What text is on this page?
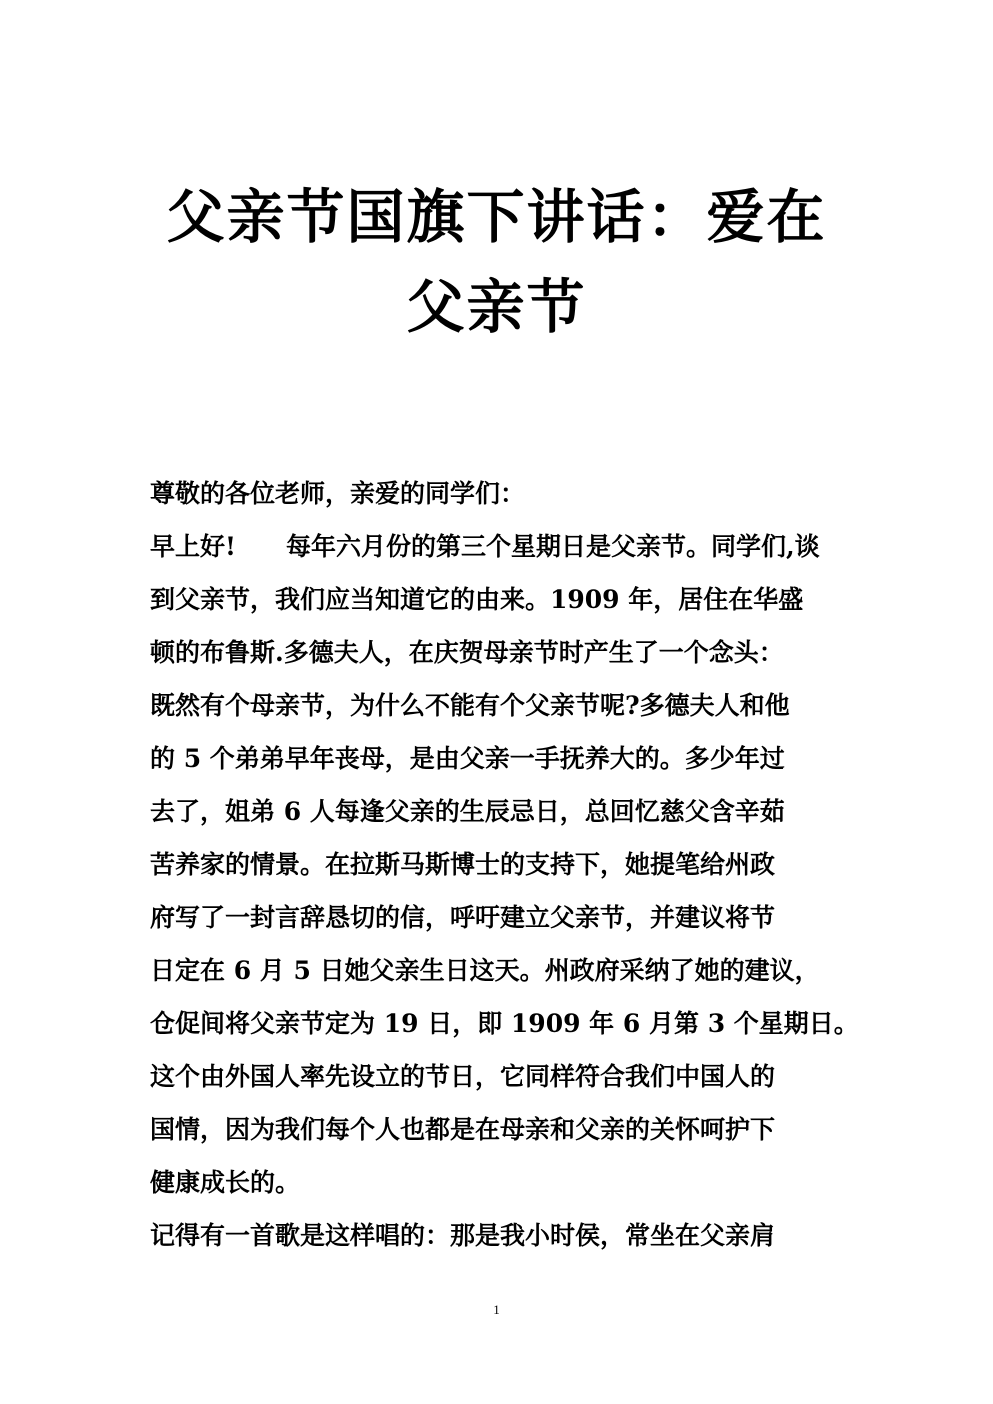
父亲节国旗下讲话：爱在
父亲节
尊敬的各位老师，亲爱的同学们：
早上好!　　每年六月份的第三个星期日是父亲节。同学们,谈
到父亲节，我们应当知道它的由来。1909 年，居住在华盛
顿的布鲁斯.多德夫人，在庆贺母亲节时产生了一个念头：
既然有个母亲节，为什么不能有个父亲节呢?多德夫人和他
的 5 个弟弟早年丧母，是由父亲一手抚养大的。多少年过
去了，姐弟 6 人每逢父亲的生辰忌日，总回忆慈父含辛茹
苦养家的情景。在拉斯马斯博士的支持下，她提笔给州政
府写了一封言辞恳切的信，呼吁建立父亲节，并建议将节
日定在 6 月 5 日她父亲生日这天。州政府采纳了她的建议，
仓促间将父亲节定为 19 日，即 1909 年 6 月第 3 个星期日。
这个由外国人率先设立的节日，它同样符合我们中国人的
国情，因为我们每个人也都是在母亲和父亲的关怀呵护下
健康成长的。
记得有一首歌是这样唱的：那是我小时侯，常坐在父亲肩
1
